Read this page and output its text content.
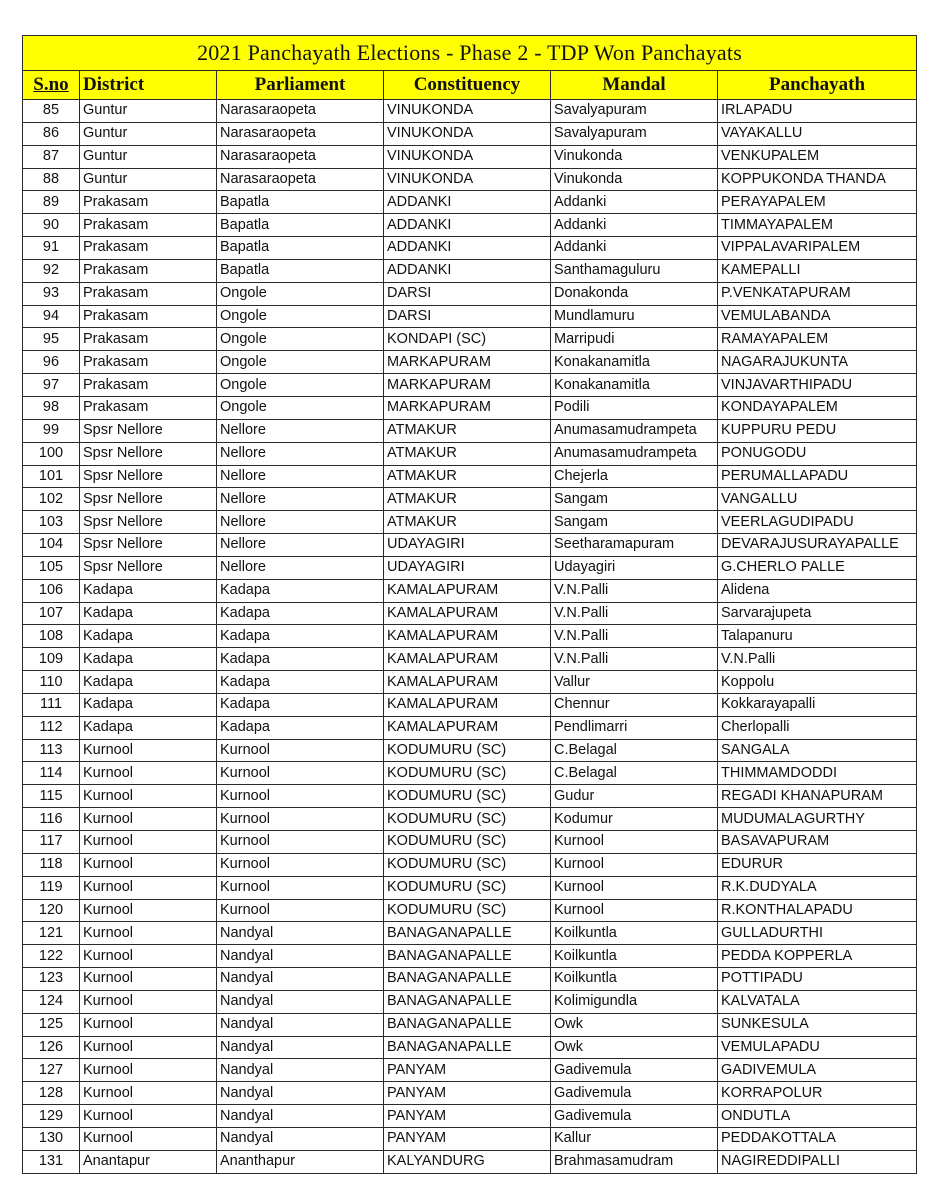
2021 Panchayath Elections - Phase 2 - TDP Won Panchayats					
S.no	District	Parliament	Constituency	Mandal	Panchayath
85	Guntur	Narasaraopeta	VINUKONDA	Savalyapuram	IRLAPADU
86	Guntur	Narasaraopeta	VINUKONDA	Savalyapuram	VAYAKALLU
87	Guntur	Narasaraopeta	VINUKONDA	Vinukonda	VENKUPALEM
88	Guntur	Narasaraopeta	VINUKONDA	Vinukonda	KOPPUKONDA THANDA
89	Prakasam	Bapatla	ADDANKI	Addanki	PERAYAPALEM
90	Prakasam	Bapatla	ADDANKI	Addanki	TIMMAYAPALEM
91	Prakasam	Bapatla	ADDANKI	Addanki	VIPPALAVARIPALEM
92	Prakasam	Bapatla	ADDANKI	Santhamaguluru	KAMEPALLI
93	Prakasam	Ongole	DARSI	Donakonda	P.VENKATAPURAM
94	Prakasam	Ongole	DARSI	Mundlamuru	VEMULABANDA
95	Prakasam	Ongole	KONDAPI (SC)	Marripudi	RAMAYAPALEM
96	Prakasam	Ongole	MARKAPURAM	Konakanamitla	NAGARAJUKUNTA
97	Prakasam	Ongole	MARKAPURAM	Konakanamitla	VINJAVARTHIPADU
98	Prakasam	Ongole	MARKAPURAM	Podili	KONDAYAPALEM
99	Spsr Nellore	Nellore	ATMAKUR	Anumasamudrampeta	KUPPURU PEDU
100	Spsr Nellore	Nellore	ATMAKUR	Anumasamudrampeta	PONUGODU
101	Spsr Nellore	Nellore	ATMAKUR	Chejerla	PERUMALLAPADU
102	Spsr Nellore	Nellore	ATMAKUR	Sangam	VANGALLU
103	Spsr Nellore	Nellore	ATMAKUR	Sangam	VEERLAGUDIPADU
104	Spsr Nellore	Nellore	UDAYAGIRI	Seetharamapuram	DEVARAJUSURAYAPALLE
105	Spsr Nellore	Nellore	UDAYAGIRI	Udayagiri	G.CHERLO PALLE
106	Kadapa	Kadapa	KAMALAPURAM	V.N.Palli	Alidena
107	Kadapa	Kadapa	KAMALAPURAM	V.N.Palli	Sarvarajupeta
108	Kadapa	Kadapa	KAMALAPURAM	V.N.Palli	Talapanuru
109	Kadapa	Kadapa	KAMALAPURAM	V.N.Palli	V.N.Palli
110	Kadapa	Kadapa	KAMALAPURAM	Vallur	Koppolu
111	Kadapa	Kadapa	KAMALAPURAM	Chennur	Kokkarayapalli
112	Kadapa	Kadapa	KAMALAPURAM	Pendlimarri	Cherlopalli
113	Kurnool	Kurnool	KODUMURU (SC)	C.Belagal	SANGALA
114	Kurnool	Kurnool	KODUMURU (SC)	C.Belagal	THIMMAMDODDI
115	Kurnool	Kurnool	KODUMURU (SC)	Gudur	REGADI KHANAPURAM
116	Kurnool	Kurnool	KODUMURU (SC)	Kodumur	MUDUMALAGURTHY
117	Kurnool	Kurnool	KODUMURU (SC)	Kurnool	BASAVAPURAM
118	Kurnool	Kurnool	KODUMURU (SC)	Kurnool	EDURUR
119	Kurnool	Kurnool	KODUMURU (SC)	Kurnool	R.K.DUDYALA
120	Kurnool	Kurnool	KODUMURU (SC)	Kurnool	R.KONTHALAPADU
121	Kurnool	Nandyal	BANAGANAPALLE	Koilkuntla	GULLADURTHI
122	Kurnool	Nandyal	BANAGANAPALLE	Koilkuntla	PEDDA KOPPERLA
123	Kurnool	Nandyal	BANAGANAPALLE	Koilkuntla	POTTIPADU
124	Kurnool	Nandyal	BANAGANAPALLE	Kolimigundla	KALVATALA
125	Kurnool	Nandyal	BANAGANAPALLE	Owk	SUNKESULA
126	Kurnool	Nandyal	BANAGANAPALLE	Owk	VEMULAPADU
127	Kurnool	Nandyal	PANYAM	Gadivemula	GADIVEMULA
128	Kurnool	Nandyal	PANYAM	Gadivemula	KORRAPOLUR
129	Kurnool	Nandyal	PANYAM	Gadivemula	ONDUTLA
130	Kurnool	Nandyal	PANYAM	Kallur	PEDDAKOTTALA
131	Anantapur	Ananthapur	KALYANDURG	Brahmasamudram	NAGIREDDIPALLI
